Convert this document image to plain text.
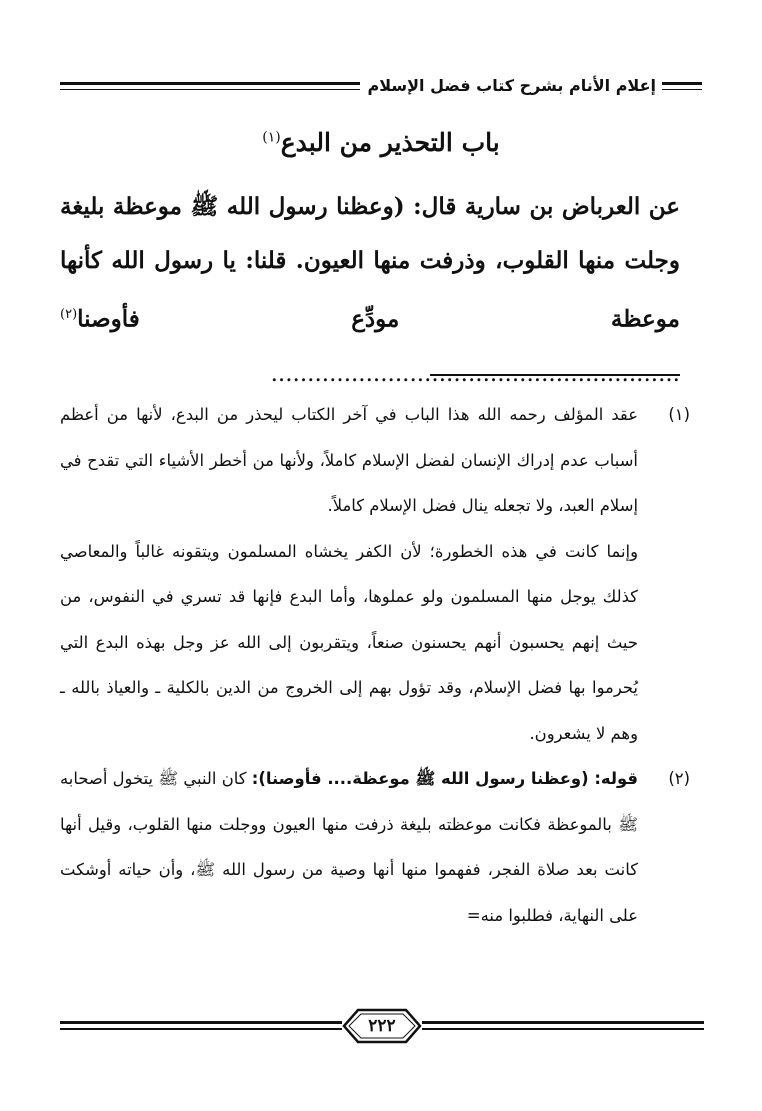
إعلام الأنام بشرح كتاب فضل الإسلام
باب التحذير من البدع$^{(١)}$
عن العرباض بن سارية قال: (وعظنا رسول الله ﷺ موعظة بليغة وجلت منها القلوب، وذرفت منها العيون. قلنا: يا رسول الله كأنها موعظة مودِّع فأوصنا$^{(٢)}$ ........................................................
(١)

عقد المؤلف رحمه الله هذا الباب في آخر الكتاب ليحذر من البدع، لأنها من أعظم أسباب عدم إدراك الإنسان لفضل الإسلام كاملاً، ولأنها من أخطر الأشياء التي تقدح في إسلام العبد، ولا تجعله ينال فضل الإسلام كاملاً.

وإنما كانت في هذه الخطورة؛ لأن الكفر يخشاه المسلمون ويتقونه غالباً والمعاصي كذلك يوجل منها المسلمون ولو عملوها، وأما البدع فإنها قد تسري في النفوس، من حيث إنهم يحسبون أنهم يحسنون صنعاً، ويتقربون إلى الله عز وجل بهذه البدع التي يُحرموا بها فضل الإسلام، وقد تؤول بهم إلى الخروج من الدين بالكلية ـ والعياذ بالله ـ وهم لا يشعرون.

(٢)

قوله: (وعظنا رسول الله ﷺ موعظة.... فأوصنا): كان النبي ﷺ يتخول أصحابه ﷺ بالموعظة فكانت موعظته بليغة ذرفت منها العيون ووجلت منها القلوب، وقيل أنها كانت بعد صلاة الفجر، ففهموا منها أنها وصية من رسول الله ﷺ، وأن حياته أوشكت على النهاية، فطلبوا منه=

٢٢٢
